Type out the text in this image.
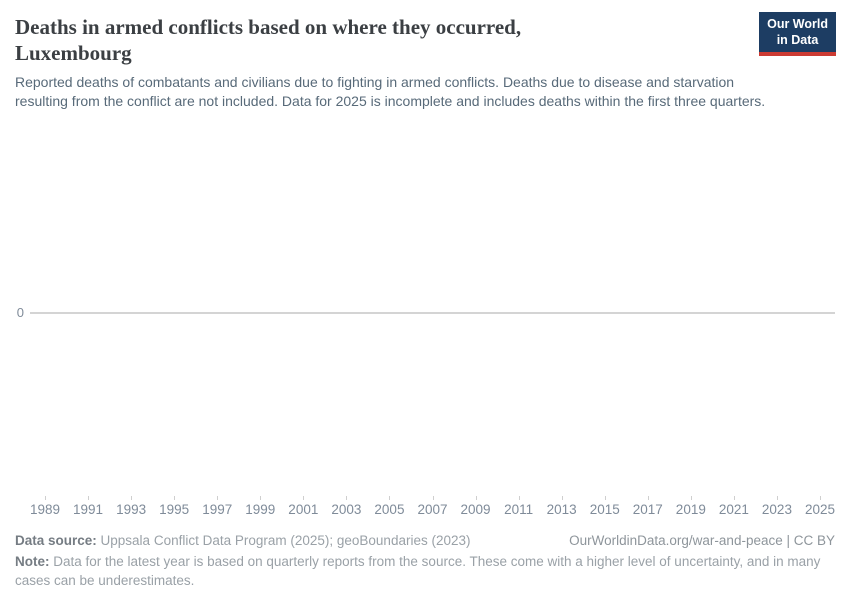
Deaths in armed conflicts based on where they occurred,
Luxembourg
Our World
in Data

Reported deaths of combatants and civilians due to fighting in armed conflicts. Deaths due to disease and starvation
resulting from the conflict are not included. Data for 2025 is incomplete and includes deaths within the first three quarters.

0
1989 1991 1993 1995 1997 1999 2001 2003 2005 2007 2009 2011 2013 2015 2017 2019 2021 2023 2025
Data source: Uppsala Conflict Data Program (2025); geoBoundaries (2023)	OurWorldinData.org/war-and-peace | CC BY
Note: Data for the latest year is based on quarterly reports from the source. These come with a higher level of uncertainty, and in many cases can be underestimates.
